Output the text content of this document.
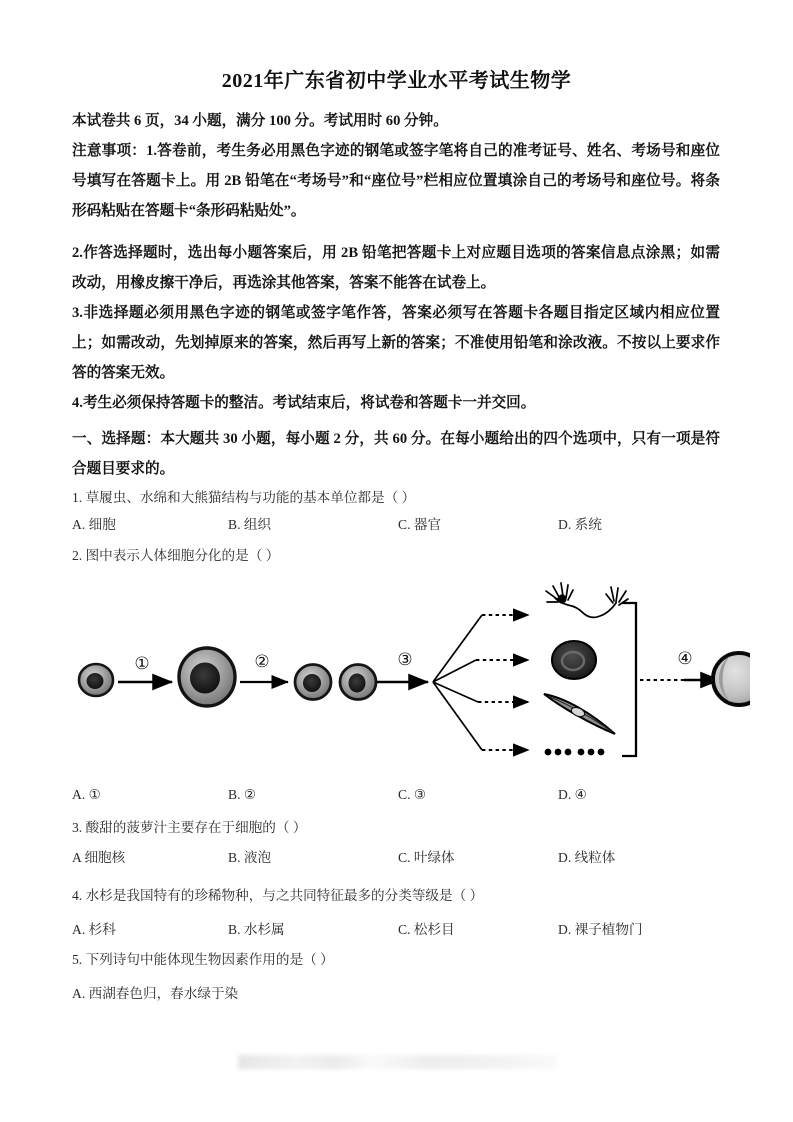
2021年广东省初中学业水平考试生物学
本试卷共 6 页，34 小题，满分 100 分。考试用时 60 分钟。
注意事项：1.答卷前，考生务必用黑色字迹的钢笔或签字笔将自己的准考证号、姓名、考场号和座位号填写在答题卡上。用 2B 铅笔在“考场号”和“座位号”栏相应位置填涂自己的考场号和座位号。将条形码粘贴在答题卡“条形码粘贴处”。
2.作答选择题时，选出每小题答案后，用 2B 铅笔把答题卡上对应题目选项的答案信息点涂黑；如需改动，用橡皮擦干净后，再选涂其他答案，答案不能答在试卷上。
3.非选择题必须用黑色字迹的钢笔或签字笔作答，答案必须写在答题卡各题目指定区域内相应位置上；如需改动，先划掉原来的答案，然后再写上新的答案；不准使用铅笔和涂改液。不按以上要求作答的答案无效。
4.考生必须保持答题卡的整洁。考试结束后，将试卷和答题卡一并交回。
一、选择题：本大题共 30 小题，每小题 2 分，共 60 分。在每小题给出的四个选项中，只有一项是符合题目要求的。
1. 草履虫、水绵和大熊猫结构与功能的基本单位都是（ ）
A. 细胞	B. 组织	C. 器官	D. 系统
2. 图中表示人体细胞分化的是（ ）
①	②	③	④
A. ①	B. ②	C. ③	D. ④
3. 酸甜的菠萝汁主要存在于细胞的（ ）
A 细胞核	B. 液泡	C. 叶绿体	D. 线粒体
4. 水杉是我国特有的珍稀物种，与之共同特征最多的分类等级是（ ）
A. 杉科	B. 水杉属	C. 松杉目	D. 裸子植物门
5. 下列诗句中能体现生物因素作用的是（ ）
A. 西湖春色归，春水绿于染
